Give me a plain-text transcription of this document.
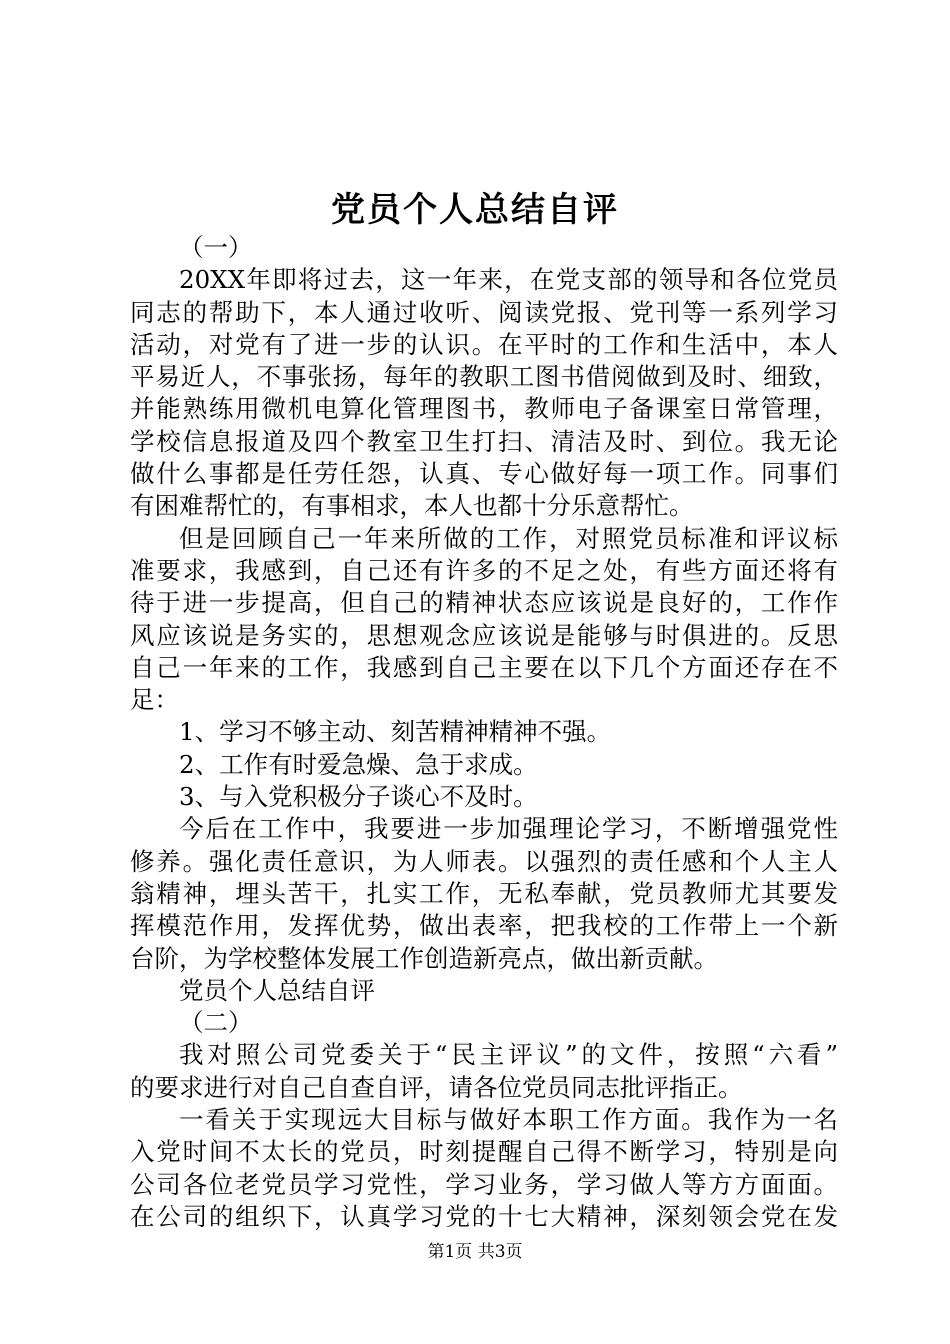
党员个人总结自评
（一）
20XX年即将过去，这一年来，在党支部的领导和各位党员
同志的帮助下，本人通过收听、阅读党报、党刊等一系列学习
活动，对党有了进一步的认识。在平时的工作和生活中，本人
平易近人，不事张扬，每年的教职工图书借阅做到及时、细致，
并能熟练用微机电算化管理图书，教师电子备课室日常管理，
学校信息报道及四个教室卫生打扫、清洁及时、到位。我无论
做什么事都是任劳任怨，认真、专心做好每一项工作。同事们
有困难帮忙的，有事相求，本人也都十分乐意帮忙。
但是回顾自己一年来所做的工作，对照党员标准和评议标
准要求，我感到，自己还有许多的不足之处，有些方面还将有
待于进一步提高，但自己的精神状态应该说是良好的，工作作
风应该说是务实的，思想观念应该说是能够与时俱进的。反思
自己一年来的工作，我感到自己主要在以下几个方面还存在不
足：
1、学习不够主动、刻苦精神精神不强。
2、工作有时爱急燥、急于求成。
3、与入党积极分子谈心不及时。
今后在工作中，我要进一步加强理论学习，不断增强党性
修养。强化责任意识，为人师表。以强烈的责任感和个人主人
翁精神，埋头苦干，扎实工作，无私奉献，党员教师尤其要发
挥模范作用，发挥优势，做出表率，把我校的工作带上一个新
台阶，为学校整体发展工作创造新亮点，做出新贡献。
党员个人总结自评
（二）
我对照公司党委关于“民主评议”的文件，按照“六看”
的要求进行对自己自查自评，请各位党员同志批评指正。
一看关于实现远大目标与做好本职工作方面。我作为一名
入党时间不太长的党员，时刻提醒自己得不断学习，特别是向
公司各位老党员学习党性，学习业务，学习做人等方方面面。
在公司的组织下，认真学习党的十七大精神，深刻领会党在发
第1页 共3页
